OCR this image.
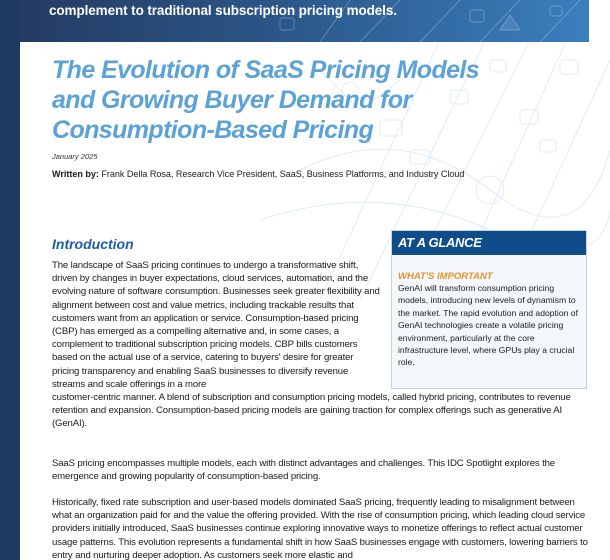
complement to traditional subscription pricing models.
The Evolution of SaaS Pricing Models
and Growing Buyer Demand for
Consumption-Based Pricing
January 2025
Written by: Frank Della Rosa, Research Vice President, SaaS, Business Platforms, and Industry Cloud
Introduction

The landscape of SaaS pricing continues to undergo a transformative shift, driven by changes in buyer expectations, cloud services, automation, and the evolving nature of software consumption. Businesses seek greater flexibility and alignment between cost and value metrics, including trackable results that customers want from an application or service. Consumption-based pricing (CBP) has emerged as a compelling alternative and, in some cases, a complement to traditional subscription pricing models. CBP bills customers based on the actual use of a service, catering to buyers' desire for greater pricing transparency and enabling SaaS businesses to diversify revenue streams and scale offerings in a more

customer-centric manner. A blend of subscription and consumption pricing models, called hybrid pricing, contributes to revenue retention and expansion. Consumption-based pricing models are gaining traction for complex offerings such as generative AI (GenAI).

SaaS pricing encompasses multiple models, each with distinct advantages and challenges. This IDC Spotlight explores the emergence and growing popularity of consumption-based pricing.

Historically, fixed rate subscription and user-based models dominated SaaS pricing, frequently leading to misalignment between what an organization paid for and the value the offering provided. With the rise of consumption pricing, which leading cloud service providers initially introduced, SaaS businesses continue exploring innovative ways to monetize offerings to reflect actual customer usage patterns. This evolution represents a fundamental shift in how SaaS businesses engage with customers, lowering barriers to entry and nurturing deeper adoption. As customers seek more elastic and

AT A GLANCE
WHAT'S IMPORTANT
GenAI will transform consumption pricing models, introducing new levels of dynamism to the market. The rapid evolution and adoption of GenAI technologies create a volatile pricing environment, particularly at the core infrastructure level, where GPUs play a crucial role.
